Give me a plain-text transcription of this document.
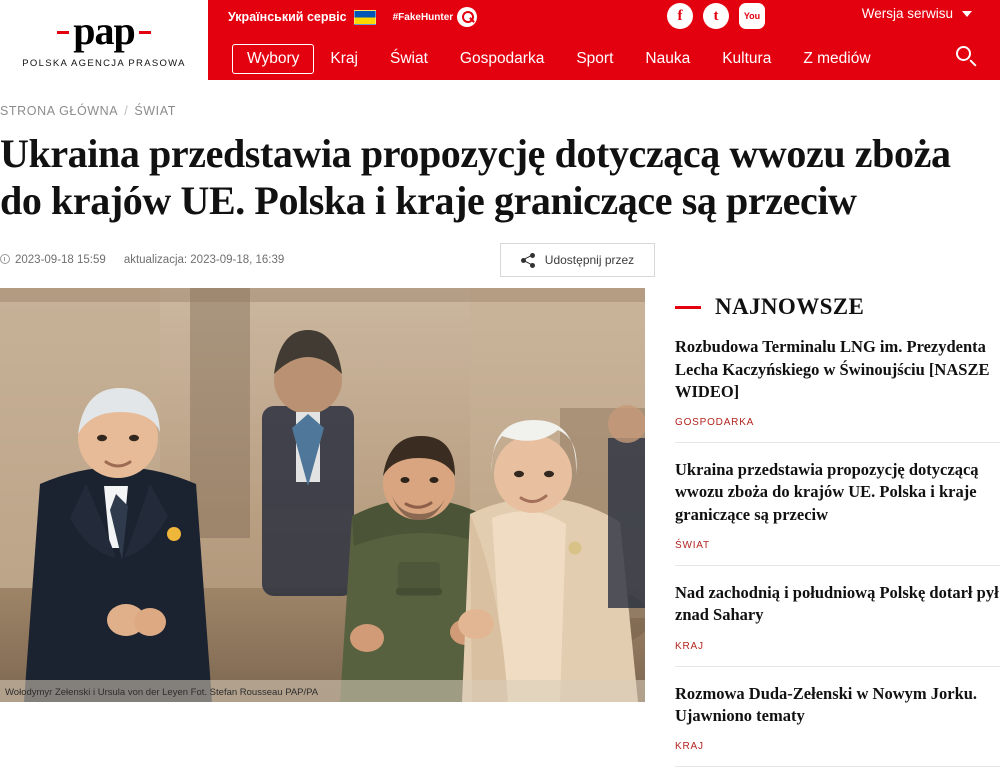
pap
POLSKA AGENCJA PRASOWA
Український сервіс	#FakeHunter	f	t	You	Wersja serwisu
Wybory	Kraj	Świat	Gospodarka	Sport	Nauka	Kultura	Z mediów
STRONA GŁÓWNA / ŚWIAT
Ukraina przedstawia propozycję dotyczącą wwozu zboża do krajów UE. Polska i kraje graniczące są przeciw
2023-09-18 15:59 aktualizacja: 2023-09-18, 16:39	Udostępnij przez
Wołodymyr Zełenski i Ursula von der Leyen Fot. Stefan Rousseau PAP/PA
NAJNOWSZE

Rozbudowa Terminalu LNG im. Prezydenta Lecha Kaczyńskiego w Świnoujściu [NASZE WIDEO]

GOSPODARKA

Ukraina przedstawia propozycję dotyczącą wwozu zboża do krajów UE. Polska i kraje graniczące są przeciw

ŚWIAT

Nad zachodnią i południową Polskę dotarł pył znad Sahary

KRAJ

Rozmowa Duda-Zełenski w Nowym Jorku. Ujawniono tematy

KRAJ
